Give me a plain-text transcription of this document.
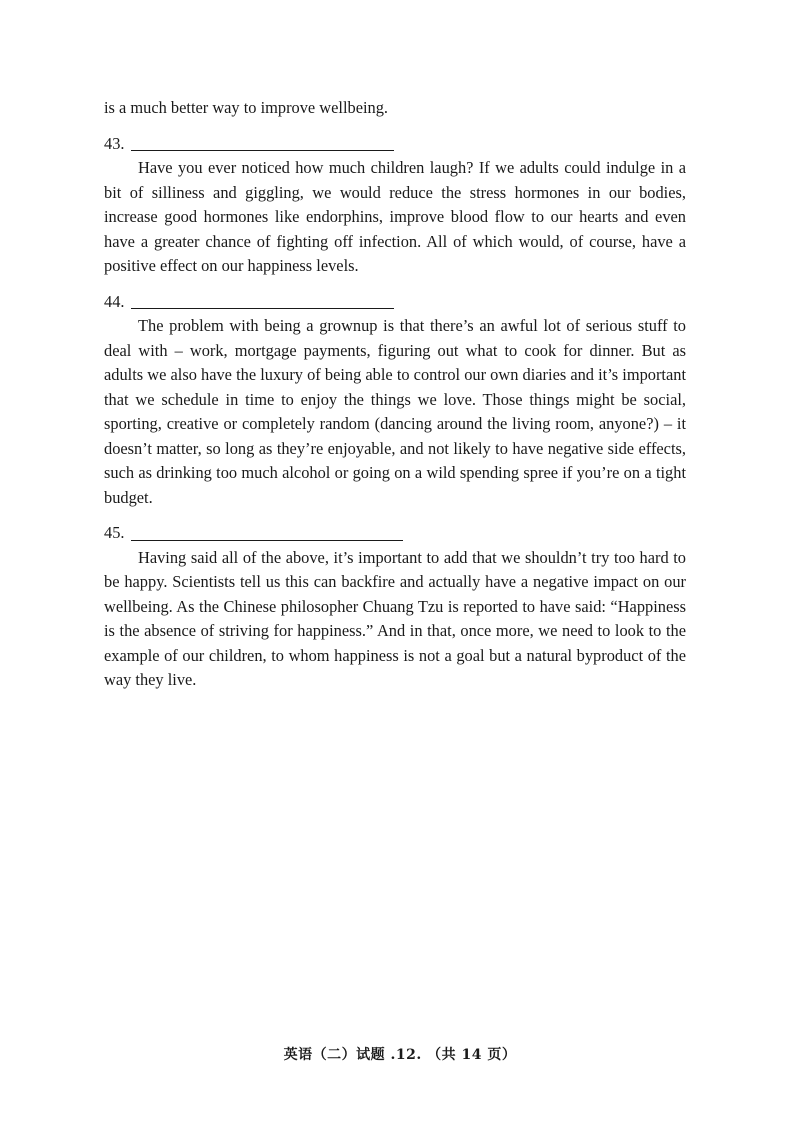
is a much better way to improve wellbeing.

43.

Have you ever noticed how much children laugh? If we adults could indulge in a bit of silliness and giggling, we would reduce the stress hormones in our bodies, increase good hormones like endorphins, improve blood flow to our hearts and even have a greater chance of fighting off infection. All of which would, of course, have a positive effect on our happiness levels.

44.

The problem with being a grownup is that there’s an awful lot of serious stuff to deal with – work, mortgage payments, figuring out what to cook for dinner. But as adults we also have the luxury of being able to control our own diaries and it’s important that we schedule in time to enjoy the things we love. Those things might be social, sporting, creative or completely random (dancing around the living room, anyone?) – it doesn’t matter, so long as they’re enjoyable, and not likely to have negative side effects, such as drinking too much alcohol or going on a wild spending spree if you’re on a tight budget.

45.

Having said all of the above, it’s important to add that we shouldn’t try too hard to be happy. Scientists tell us this can backfire and actually have a negative impact on our wellbeing. As the Chinese philosopher Chuang Tzu is reported to have said: “Happiness is the absence of striving for happiness.” And in that, once more, we need to look to the example of our children, to whom happiness is not a goal but a natural byproduct of the way they live.

英语（二）试题 .12. （共 14 页）
